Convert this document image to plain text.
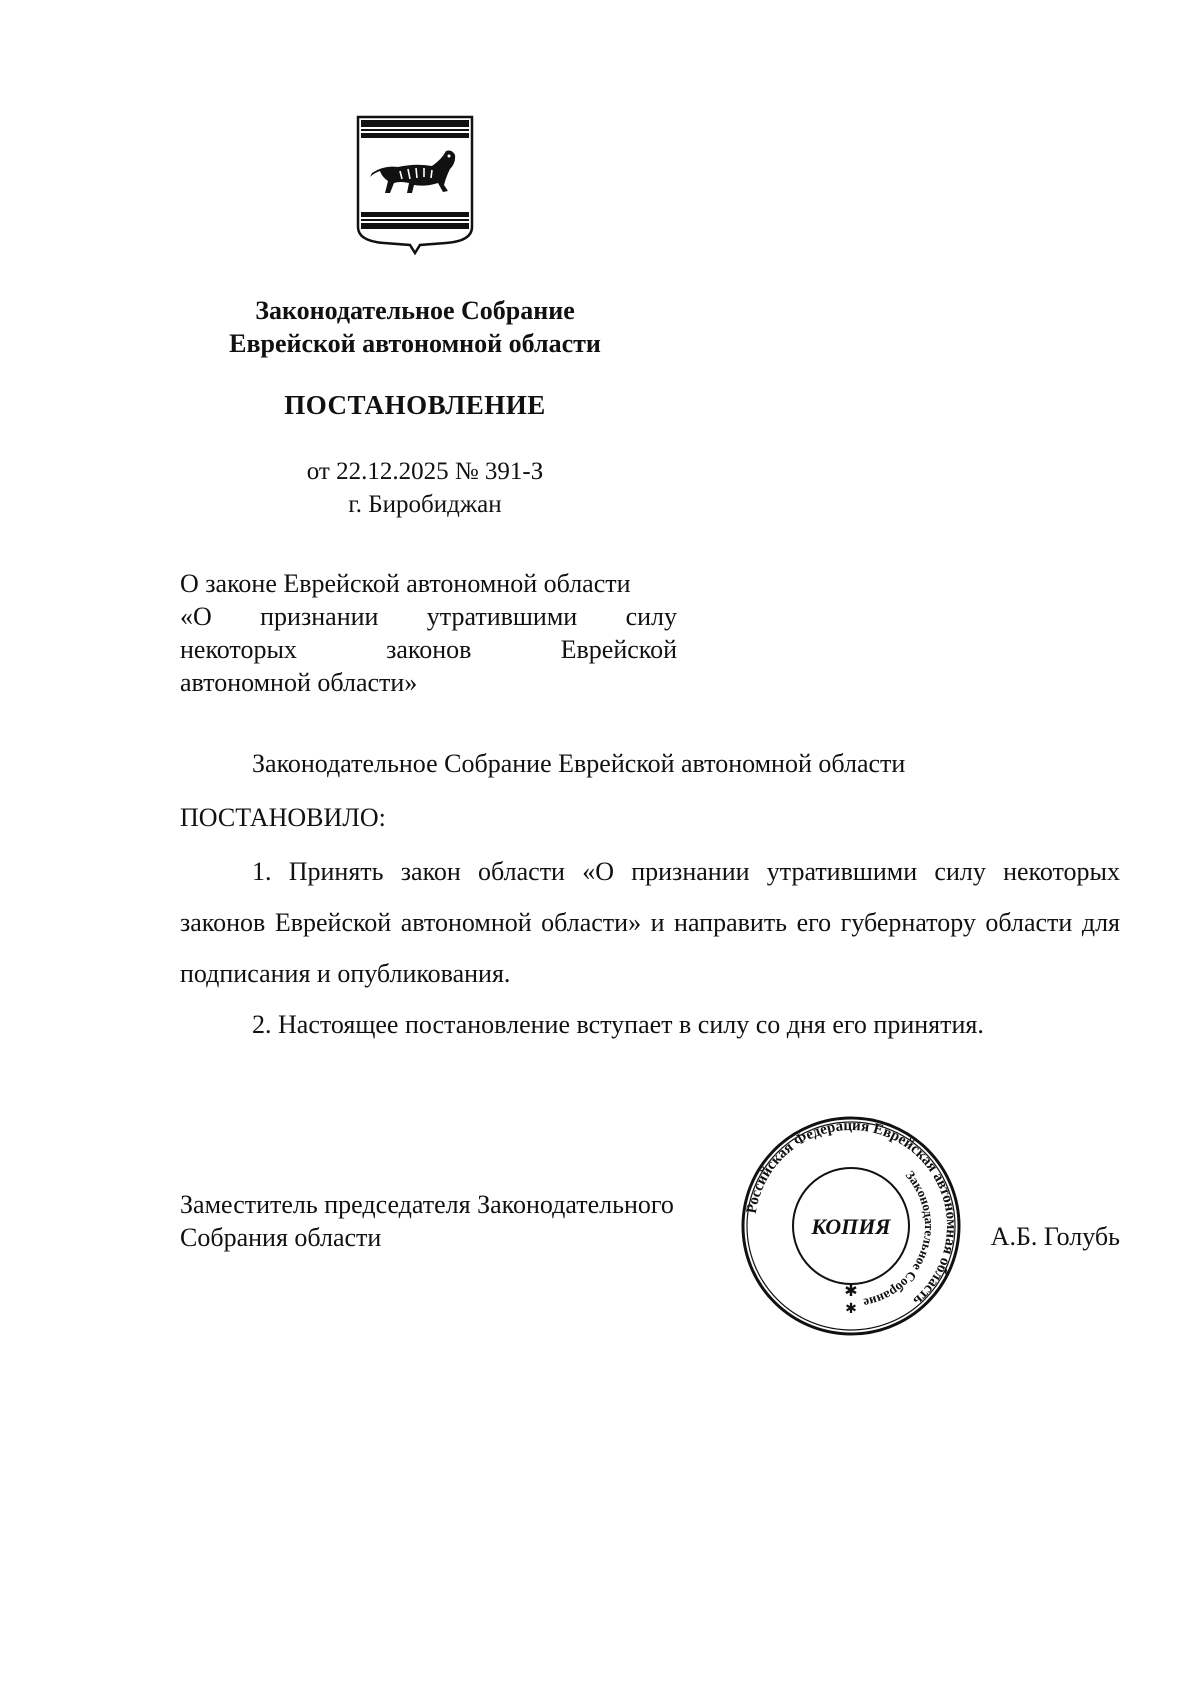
Законодательное Собрание
Еврейской автономной области
ПОСТАНОВЛЕНИЕ
от 22.12.2025 № 391-З
г. Биробиджан
О законе Еврейской автономной области
«О признании утратившими силу
некоторых законов Еврейской
автономной области»
Законодательное Собрание Еврейской автономной области
ПОСТАНОВИЛО:

1. Принять закон области «О признании утратившими силу некоторых законов Еврейской автономной области» и направить его губернатору области для подписания и опубликования.

2. Настоящее постановление вступает в силу со дня его принятия.

Заместитель председателя Законодательного
Собрания области
Российская Федерация Еврейская автономная область
Законодательное Собрание
КОПИЯ
✱
✱
А.Б. Голубь
